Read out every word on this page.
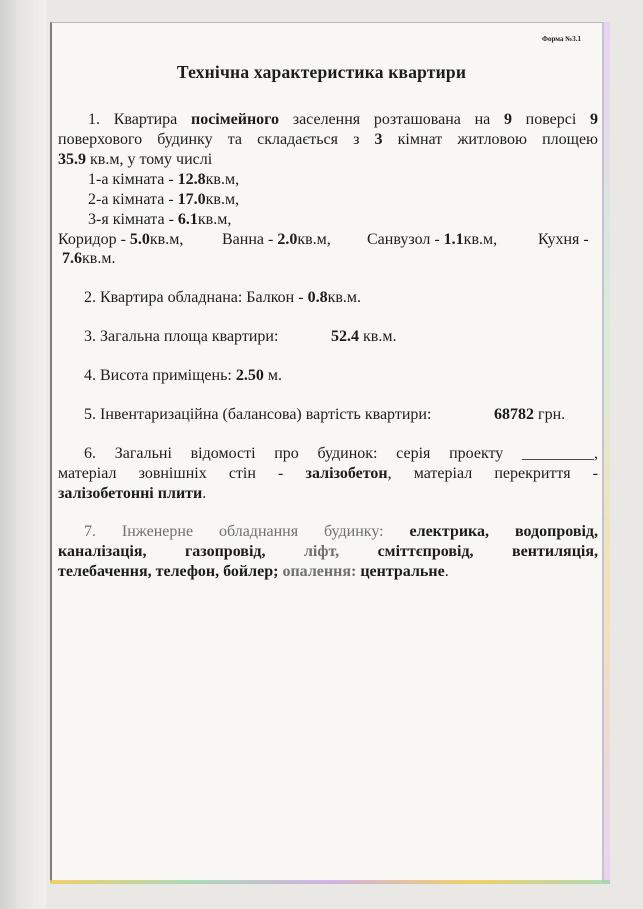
Форма №3.1
Технічна характеристика квартири
1. Квартира посімейного заселення розташована на 9 поверсі 9
поверхового будинку та складається з 3 кімнат житловою площею
35.9 кв.м, у тому числі
1-а кімната - 12.8кв.м,
2-а кімната - 17.0кв.м,
3-я кімната - 6.1кв.м,
Коридор - 5.0кв.м, Ванна - 2.0кв.м, Санвузол - 1.1кв.м,	Кухня -
7.6кв.м.
2. Квартира обладнана: Балкон - 0.8кв.м.
3. Загальна площа квартири:	52.4 кв.м.
4. Висота приміщень: 2.50 м.
5. Інвентаризаційна (балансова) вартість квартири:	68782 грн.
6. Загальні відомості про будинок: серія проекту _________,
матеріал зовнішніх стін - залізобетон, матеріал перекриття -
залізобетонні плити.
7. Інженерне обладнання будинку: електрика, водопровід,
каналізація, газопровід, ліфт, сміттєпровід, вентиляція,
телебачення, телефон, бойлер; опалення: центральне.
